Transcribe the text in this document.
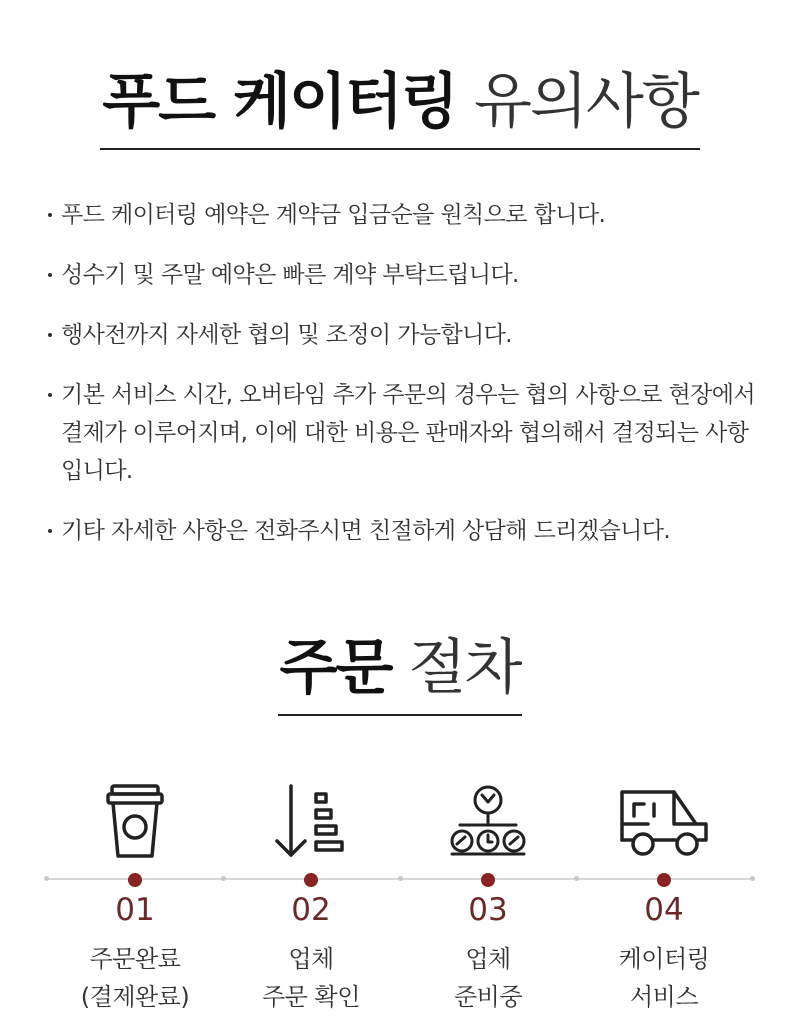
푸드 케이터링 유의사항
푸드 케이터링 예약은 계약금 입금순을 원칙으로 합니다.
성수기 및 주말 예약은 빠른 계약 부탁드립니다.
행사전까지 자세한 협의 및 조정이 가능합니다.
기본 서비스 시간, 오버타임 추가 주문의 경우는 협의 사항으로 현장에서 결제가 이루어지며, 이에 대한 비용은 판매자와 협의해서 결정되는 사항입니다.
기타 자세한 사항은 전화주시면 친절하게 상담해 드리겠습니다.
주문 절차
01
주문완료
(결제완료)
02
업체
주문 확인
03
업체
준비중
04
케이터링
서비스
